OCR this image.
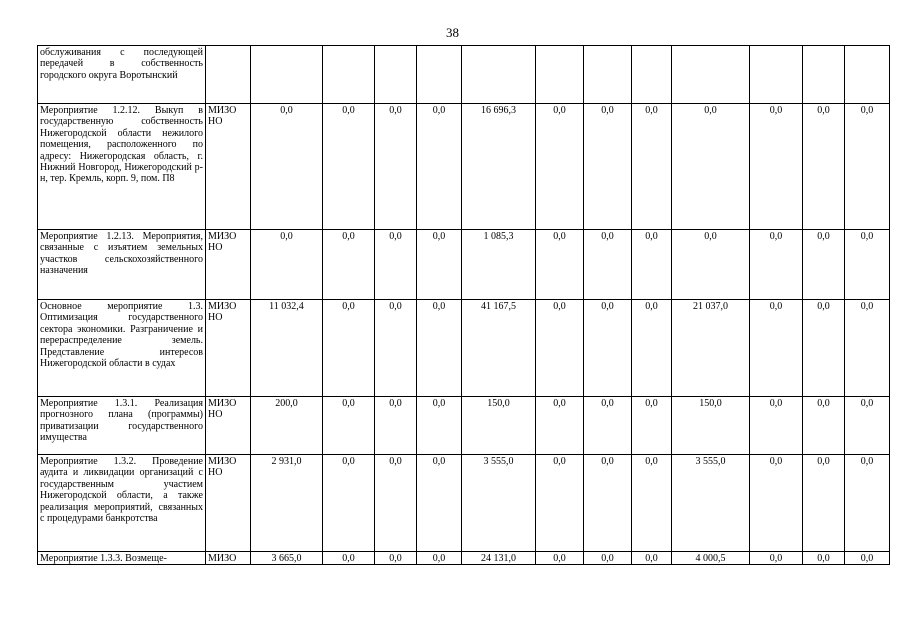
38
обслуживания с последующей передачей в собственность городского округа Воротынский													
Мероприятие 1.2.12. Выкуп в государственную собственность Нижегородской области нежилого помещения, расположенного по адресу: Нижегородская область, г. Нижний Новгород, Нижегородский р-н, тер. Кремль, корп. 9, пом. П8	МИЗО НО	0,0	0,0	0,0	0,0	16 696,3	0,0	0,0	0,0	0,0	0,0	0,0	0,0
Мероприятие 1.2.13. Мероприятия, связанные с изъятием земельных участков сельскохозяйственного назначения	МИЗО НО	0,0	0,0	0,0	0,0	1 085,3	0,0	0,0	0,0	0,0	0,0	0,0	0,0
Основное мероприятие 1.3. Оптимизация государственного сектора экономики. Разграничение и перераспределение земель. Представление интересов Нижегородской области в судах	МИЗО НО	11 032,4	0,0	0,0	0,0	41 167,5	0,0	0,0	0,0	21 037,0	0,0	0,0	0,0
Мероприятие 1.3.1. Реализация прогнозного плана (программы) приватизации государственного имущества	МИЗО НО	200,0	0,0	0,0	0,0	150,0	0,0	0,0	0,0	150,0	0,0	0,0	0,0
Мероприятие 1.3.2. Проведение аудита и ликвидации организаций с государственным участием Нижегородской области, а также реализация мероприятий, связанных с процедурами банкротства	МИЗО НО	2 931,0	0,0	0,0	0,0	3 555,0	0,0	0,0	0,0	3 555,0	0,0	0,0	0,0
Мероприятие 1.3.3. Возмеще-	МИЗО	3 665,0	0,0	0,0	0,0	24 131,0	0,0	0,0	0,0	4 000,5	0,0	0,0	0,0
